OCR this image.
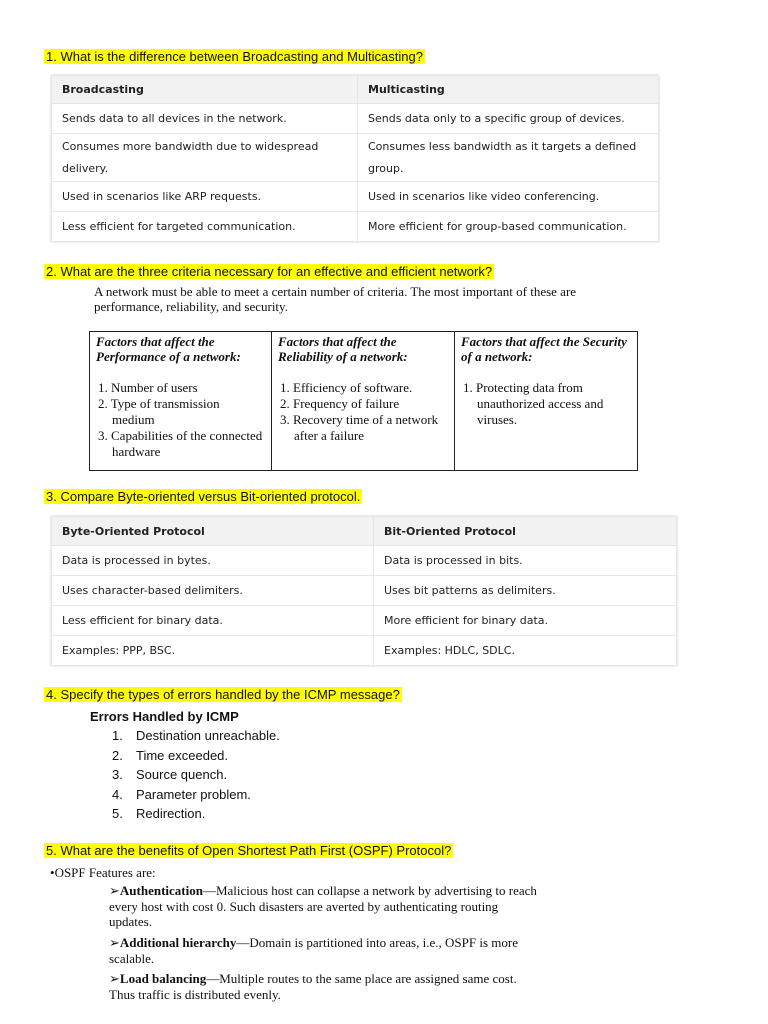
1. What is the difference between Broadcasting and Multicasting?
Broadcasting	Multicasting
Sends data to all devices in the network.	Sends data only to a specific group of devices.
Consumes more bandwidth due to widespread delivery.	Consumes less bandwidth as it targets a defined group.
Used in scenarios like ARP requests.	Used in scenarios like video conferencing.
Less efficient for targeted communication.	More efficient for group-based communication.
2. What are the three criteria necessary for an effective and efficient network?
A network must be able to meet a certain number of criteria. The most important of these are performance, reliability, and security.
Factors that affect the Performance of a network:
1. Number of users
2. Type of transmission medium
3. Capabilities of the connected hardware

Factors that affect the Reliability of a network:
1. Efficiency of software.
2. Frequency of failure
3. Recovery time of a network after a failure

Factors that affect the Security of a network:
1. Protecting data from unauthorized access and viruses.
3. Compare Byte-oriented versus Bit-oriented protocol.
Byte-Oriented Protocol	Bit-Oriented Protocol
Data is processed in bytes.	Data is processed in bits.
Uses character-based delimiters.	Uses bit patterns as delimiters.
Less efficient for binary data.	More efficient for binary data.
Examples: PPP, BSC.	Examples: HDLC, SDLC.
4. Specify the types of errors handled by the ICMP message?
Errors Handled by ICMP
1. Destination unreachable.
2. Time exceeded.
3. Source quench.
4. Parameter problem.
5. Redirection.
5. What are the benefits of Open Shortest Path First (OSPF) Protocol?
•OSPF Features are:
➢Authentication—Malicious host can collapse a network by advertising to reach every host with cost 0. Such disasters are averted by authenticating routing updates.
➢Additional hierarchy—Domain is partitioned into areas, i.e., OSPF is more scalable.
➢Load balancing—Multiple routes to the same place are assigned same cost. Thus traffic is distributed evenly.
